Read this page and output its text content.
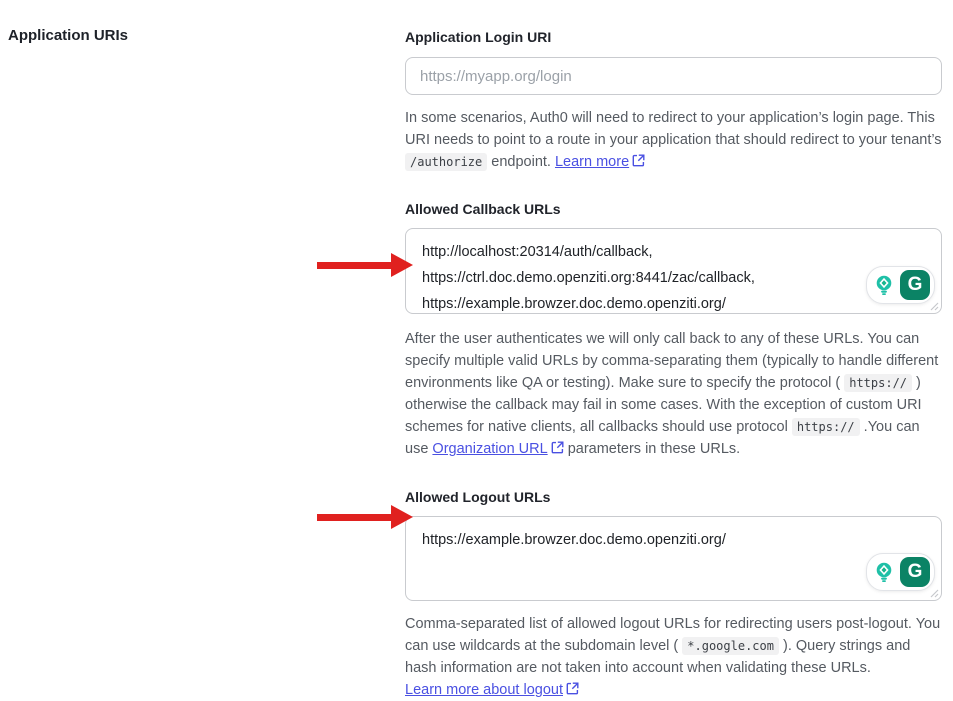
Application URIs	Application Login URI
https://myapp.org/login

In some scenarios, Auth0 will need to redirect to your application’s login page. This URI needs to point to a route in your application that should redirect to your tenant’s /authorize endpoint. Learn more

Allowed Callback URLs
http://localhost:20314/auth/callback,
https://ctrl.doc.demo.openziti.org:8441/zac/callback,
https://example.browzer.doc.demo.openziti.org/
G

After the user authenticates we will only call back to any of these URLs. You can specify multiple valid URLs by comma-separating them (typically to handle different environments like QA or testing). Make sure to specify the protocol ( https:// ) otherwise the callback may fail in some cases. With the exception of custom URI schemes for native clients, all callbacks should use protocol https:// .You can use Organization URL parameters in these URLs.

Allowed Logout URLs
https://example.browzer.doc.demo.openziti.org/
G

Comma-separated list of allowed logout URLs for redirecting users post-logout. You can use wildcards at the subdomain level ( *.google.com ). Query strings and hash information are not taken into account when validating these URLs.
Learn more about logout
